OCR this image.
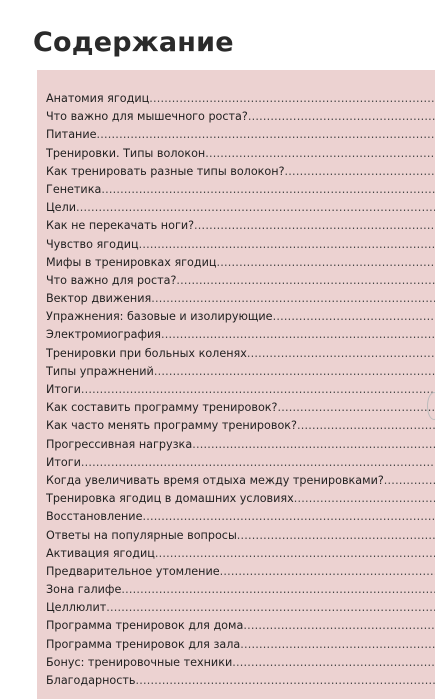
Содержание
Анатомия ягодиц .....
Что важно для мышечного роста? .....
Питание .....
Тренировки. Типы волокон .....
Как тренировать разные типы волокон? .....
Генетика .....
Цели .....
Как не перекачать ноги? .....
Чувство ягодиц .....
Мифы в тренировках ягодиц .....
Что важно для роста? .....
Вектор движения .....
Упражнения: базовые и изолирующие .....
Электромиография .....
Тренировки при больных коленях .....
Типы упражнений .....
Итоги .....
Как составить программу тренировок? .....
Как часто менять программу тренировок? .....
Прогрессивная нагрузка .....
Итоги .....
Когда увеличивать время отдыха между тренировками? .....
Тренировка ягодиц в домашних условиях .....
Восстановление .....
Ответы на популярные вопросы .....
Активация ягодиц .....
Предварительное утомление .....
Зона галифе .....
Целлюлит .....
Программа тренировок для дома .....
Программа тренировок для зала .....
Бонус: тренировочные техники .....
Благодарность .....
